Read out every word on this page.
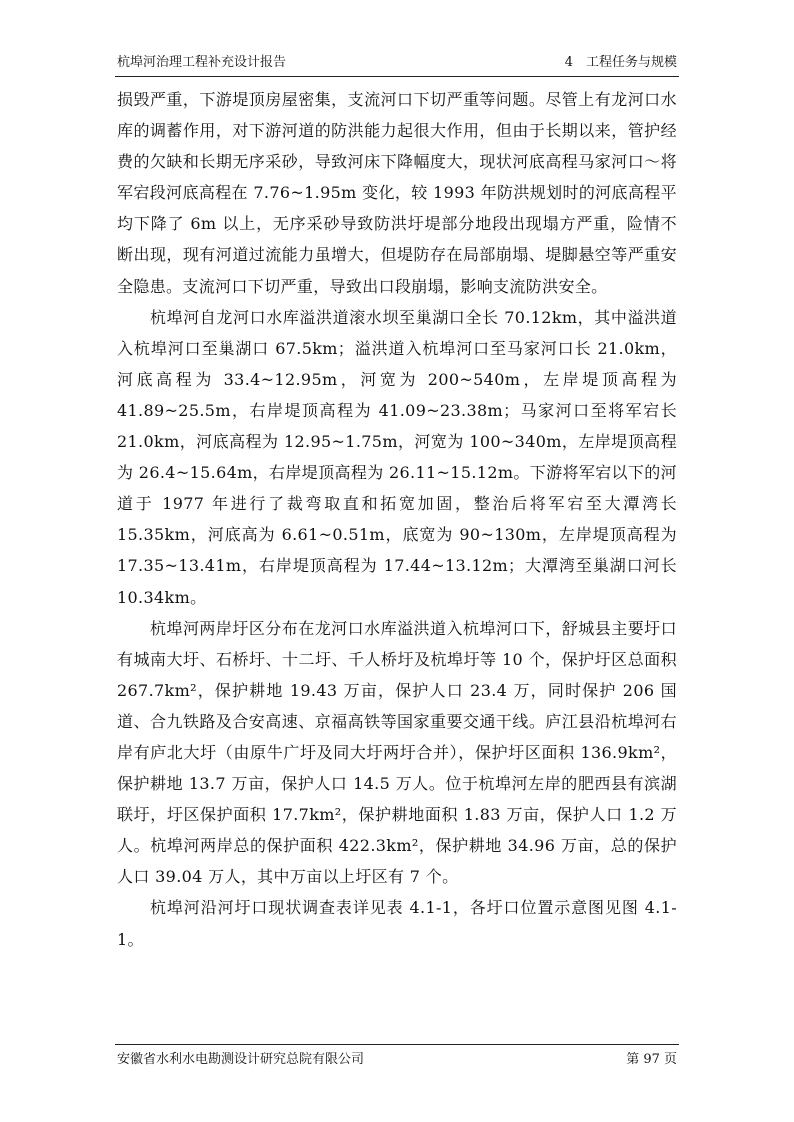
杭埠河治理工程补充设计报告	4　工程任务与规模

损毁严重，下游堤顶房屋密集，支流河口下切严重等问题。尽管上有龙河口水库的调蓄作用，对下游河道的防洪能力起很大作用，但由于长期以来，管护经费的欠缺和长期无序采砂，导致河床下降幅度大，现状河底高程马家河口～将军宕段河底高程在 7.76~1.95m 变化，较 1993 年防洪规划时的河底高程平均下降了 6m 以上，无序采砂导致防洪圩堤部分地段出现塌方严重，险情不断出现，现有河道过流能力虽增大，但堤防存在局部崩塌、堤脚悬空等严重安全隐患。支流河口下切严重，导致出口段崩塌，影响支流防洪安全。

杭埠河自龙河口水库溢洪道滚水坝至巢湖口全长 70.12km，其中溢洪道入杭埠河口至巢湖口 67.5km；溢洪道入杭埠河口至马家河口长 21.0km，河底高程为 33.4~12.95m，河宽为 200~540m，左岸堤顶高程为 41.89~25.5m，右岸堤顶高程为 41.09~23.38m；马家河口至将军宕长 21.0km，河底高程为 12.95~1.75m，河宽为 100~340m，左岸堤顶高程为 26.4~15.64m，右岸堤顶高程为 26.11~15.12m。下游将军宕以下的河道于 1977 年进行了裁弯取直和拓宽加固，整治后将军宕至大潭湾长 15.35km，河底高为 6.61~0.51m，底宽为 90~130m，左岸堤顶高程为 17.35~13.41m，右岸堤顶高程为 17.44~13.12m；大潭湾至巢湖口河长 10.34km。

杭埠河两岸圩区分布在龙河口水库溢洪道入杭埠河口下，舒城县主要圩口有城南大圩、石桥圩、十二圩、千人桥圩及杭埠圩等 10 个，保护圩区总面积 267.7km²，保护耕地 19.43 万亩，保护人口 23.4 万，同时保护 206 国道、合九铁路及合安高速、京福高铁等国家重要交通干线。庐江县沿杭埠河右岸有庐北大圩（由原牛广圩及同大圩两圩合并），保护圩区面积 136.9km²，保护耕地 13.7 万亩，保护人口 14.5 万人。位于杭埠河左岸的肥西县有滨湖联圩，圩区保护面积 17.7km²，保护耕地面积 1.83 万亩，保护人口 1.2 万人。杭埠河两岸总的保护面积 422.3km²，保护耕地 34.96 万亩，总的保护人口 39.04 万人，其中万亩以上圩区有 7 个。

杭埠河沿河圩口现状调查表详见表 4.1-1，各圩口位置示意图见图 4.1-1。

安徽省水利水电勘测设计研究总院有限公司	第 97 页
